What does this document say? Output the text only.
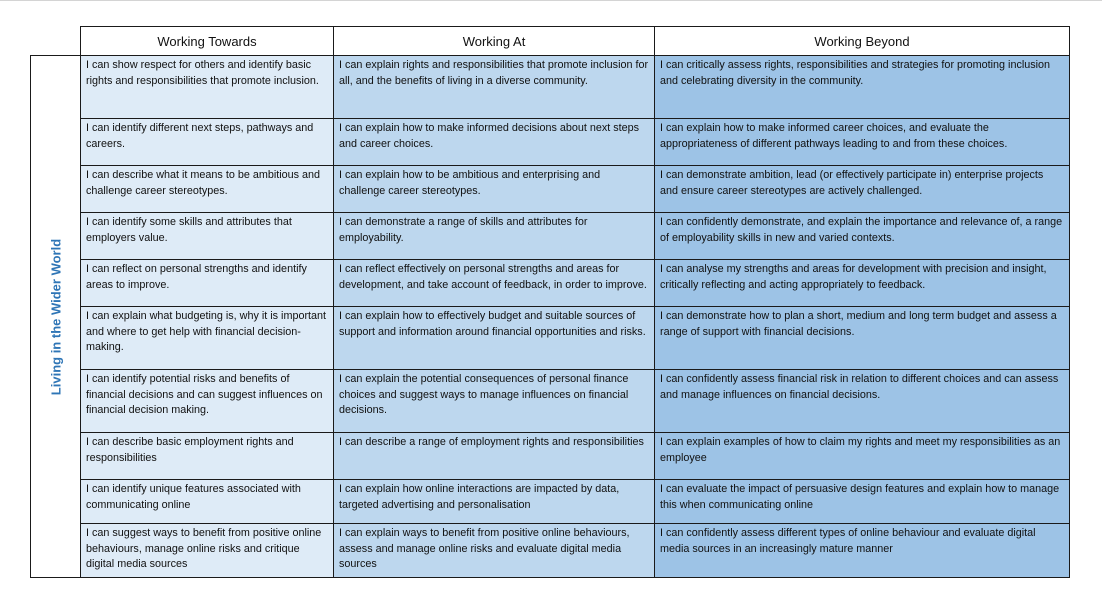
	Working Towards	Working At	Working Beyond

Living in the Wider World	I can show respect for others and identify basic rights and responsibilities that promote inclusion.	I can explain rights and responsibilities that promote inclusion for all, and the benefits of living in a diverse community.	I can critically assess rights, responsibilities and strategies for promoting inclusion and celebrating diversity in the community.
	I can identify different next steps, pathways and careers.	I can explain how to make informed decisions about next steps and career choices.	I can explain how to make informed career choices, and evaluate the appropriateness of different pathways leading to and from these choices.
	I can describe what it means to be ambitious and challenge career stereotypes.	I can explain how to be ambitious and enterprising and challenge career stereotypes.	I can demonstrate ambition, lead (or effectively participate in) enterprise projects and ensure career stereotypes are actively challenged.
	I can identify some skills and attributes that employers value.	I can demonstrate a range of skills and attributes for employability.	I can confidently demonstrate, and explain the importance and relevance of, a range of employability skills in new and varied contexts.
	I can reflect on personal strengths and identify areas to improve.	I can reflect effectively on personal strengths and areas for development, and take account of feedback, in order to improve.	I can analyse my strengths and areas for development with precision and insight, critically reflecting and acting appropriately to feedback.
	I can explain what budgeting is, why it is important and where to get help with financial decision-making.	I can explain how to effectively budget and suitable sources of support and information around financial opportunities and risks.	I can demonstrate how to plan a short, medium and long term budget and assess a range of support with financial decisions.
	I can identify potential risks and benefits of financial decisions and can suggest influences on financial decision making.	I can explain the potential consequences of personal finance choices and suggest ways to manage influences on financial decisions.	I can confidently assess financial risk in relation to different choices and can assess and manage influences on financial decisions.
	I can describe basic employment rights and responsibilities	I can describe a range of employment rights and responsibilities	I can explain examples of how to claim my rights and meet my responsibilities as an employee
	I can identify unique features associated with communicating online	I can explain how online interactions are impacted by data, targeted advertising and personalisation	I can evaluate the impact of persuasive design features and explain how to manage this when communicating online
	I can suggest ways to benefit from positive online behaviours, manage online risks and critique digital media sources	I can explain ways to benefit from positive online behaviours, assess and manage online risks and evaluate digital media sources	I can confidently assess different types of online behaviour and evaluate digital media sources in an increasingly mature manner
